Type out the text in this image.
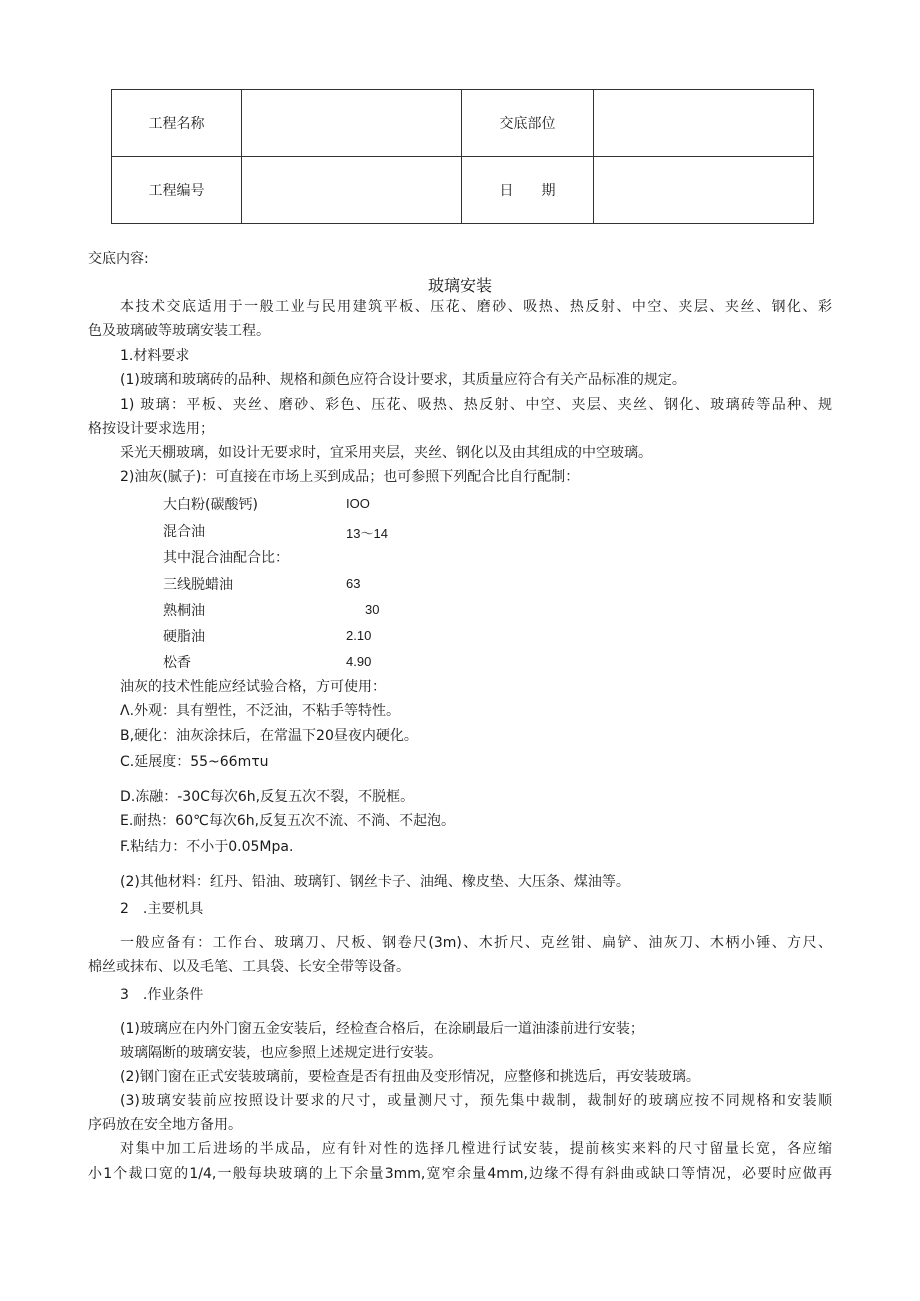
工程名称		交底部位	
工程编号		日　　期	
交底内容:
玻璃安装
本技术交底适用于一般工业与民用建筑平板、压花、磨砂、吸热、热反射、中空、夹层、夹丝、钢化、彩
色及玻璃破等玻璃安装工程。
1.材料要求
(1)玻璃和玻璃砖的品种、规格和颜色应符合设计要求，其质量应符合有关产品标准的规定。
1) 玻璃：平板、夹丝、磨砂、彩色、压花、吸热、热反射、中空、夹层、夹丝、钢化、玻璃砖等品种、规
格按设计要求选用；
采光天棚玻璃，如设计无要求时，宜采用夹层，夹丝、钢化以及由其组成的中空玻璃。
2)油灰(腻子)：可直接在市场上买到成品；也可参照下列配合比自行配制：
大白粉(碳酸钙)	IOO
混合油	13～14
其中混合油配合比：
三线脱蜡油	63
熟桐油	30
硬脂油	2.10
松香	4.90
油灰的技术性能应经试验合格，方可使用：
Λ.外观：具有塑性，不泛油，不粘手等特性。
B,硬化：油灰涂抹后，在常温下20昼夜内硬化。
C.延展度：55~66mτu
D.冻融：-30C每次6h,反复五次不裂，不脱框。
E.耐热：60℃每次6h,反复五次不流、不淌、不起泡。
F.粘结力：不小于0.05Mpa.
(2)其他材料：红丹、铅油、玻璃钉、钢丝卡子、油绳、橡皮垫、大压条、煤油等。
2 .主要机具
一般应备有：工作台、玻璃刀、尺板、钢卷尺(3m)、木折尺、克丝钳、扁铲、油灰刀、木柄小锤、方尺、
棉丝或抹布、以及毛笔、工具袋、长安全带等设备。
3 .作业条件
(1)玻璃应在内外门窗五金安装后，经检查合格后，在涂刷最后一道油漆前进行安装；
玻璃隔断的玻璃安装，也应参照上述规定进行安装。
(2)钢门窗在正式安装玻璃前，要检查是否有扭曲及变形情况，应整修和挑选后，再安装玻璃。
(3)玻璃安装前应按照设计要求的尺寸，或量测尺寸，预先集中裁制，裁制好的玻璃应按不同规格和安装顺
序码放在安全地方备用。
对集中加工后进场的半成品，应有针对性的选择几樘进行试安装，提前核实来料的尺寸留量长宽，各应缩
小1个裁口宽的1/4,一般每块玻璃的上下余量3mm,宽窄余量4mm,边缘不得有斜曲或缺口等情况，必要时应做再
